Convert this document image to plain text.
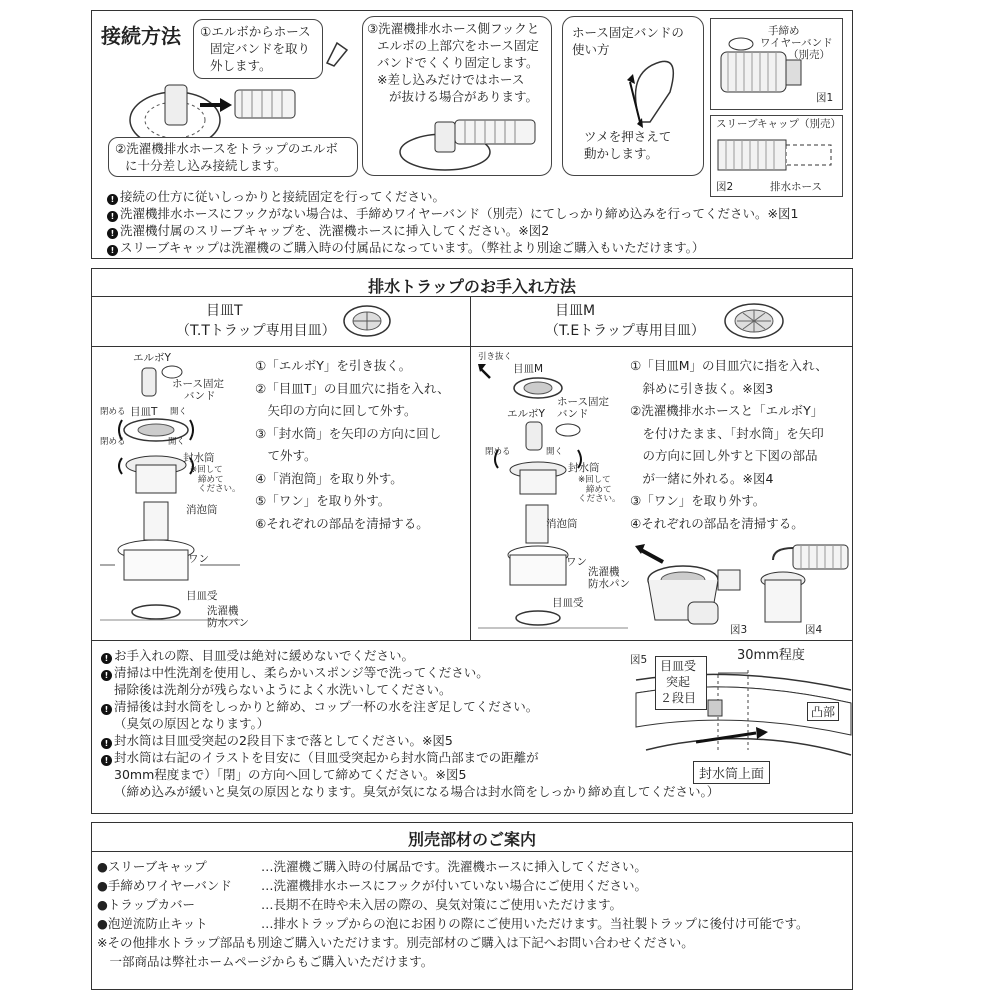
接続方法 ①エルボからホース
固定バンドを取り
外します。
②洗濯機排水ホースをトラップのエルボ
に十分差し込み接続します。
③洗濯機排水ホース側フックと
エルボの上部穴をホース固定
バンドでくくり固定します。
※差し込みだけではホース
が抜ける場合があります。
ホース固定バンドの
使い方
ツメを押さえて
動かします。
手締め
ワイヤーバンド
（別売）
図1
スリーブキャップ（別売）
図2	排水ホース
! 接続の仕方に従いしっかりと接続固定を行ってください。
! 洗濯機排水ホースにフックがない場合は、手締めワイヤーバンド（別売）にてしっかり締め込みを行ってください。※図1
! 洗濯機付属のスリーブキャップを、洗濯機ホースに挿入してください。※図2
! スリーブキャップは洗濯機のご購入時の付属品になっています。（弊社より別途ご購入もいただけます。）
排水トラップのお手入れ方法
目皿T
（T.Tトラップ専用目皿）
目皿M
（T.Eトラップ専用目皿）
エルボY
ホース固定
バンド
閉める 目皿T 開く
閉める	開く
封水筒
※回して
締めて
ください。
消泡筒
ワン
目皿受
洗濯機
防水パン
①「エルボY」を引き抜く。
②「目皿T」の目皿穴に指を入れ、
　矢印の方向に回して外す。
③「封水筒」を矢印の方向に回し
　て外す。
④「消泡筒」を取り外す。
⑤「ワン」を取り外す。
⑥それぞれの部品を清掃する。
引き抜く
目皿M
ホース固定
バンド
エルボY
閉める	開く
封水筒
※回して
締めて
ください。
消泡筒
ワン
洗濯機
防水パン
目皿受
①「目皿M」の目皿穴に指を入れ、
　斜めに引き抜く。※図3
②洗濯機排水ホースと「エルボY」
　を付けたまま、「封水筒」を矢印
　の方向に回し外すと下図の部品
　が一緒に外れる。※図4
③「ワン」を取り外す。
④それぞれの部品を清掃する。
図3	図4
! お手入れの際、目皿受は絶対に緩めないでください。
! 清掃は中性洗剤を使用し、柔らかいスポンジ等で洗ってください。
掃除後は洗剤分が残らないようによく水洗いしてください。
! 清掃後は封水筒をしっかりと締め、コップ一杯の水を注ぎ足してください。
（臭気の原因となります。）
! 封水筒は目皿受突起の2段目下まで落としてください。※図5
! 封水筒は右記のイラストを目安に（目皿受突起から封水筒凸部までの距離が
30mm程度まで）「閉」の方向へ回して締めてください。※図5
（締め込みが緩いと臭気の原因となります。臭気が気になる場合は封水筒をしっかり締め直してください。）
図5	30mm程度
目皿受
突起
２段目
凸部
封水筒上面
別売部材のご案内
●スリーブキャップ	…洗濯機ご購入時の付属品です。洗濯機ホースに挿入してください。
●手締めワイヤーバンド …洗濯機排水ホースにフックが付いていない場合にご使用ください。
●トラップカバー	…長期不在時や未入居の際の、臭気対策にご使用いただけます。
●泡逆流防止キット	…排水トラップからの泡にお困りの際にご使用いただけます。当社製トラップに後付け可能です。
※その他排水トラップ部品も別途ご購入いただけます。別売部材のご購入は下記へお問い合わせください。
　一部商品は弊社ホームページからもご購入いただけます。
